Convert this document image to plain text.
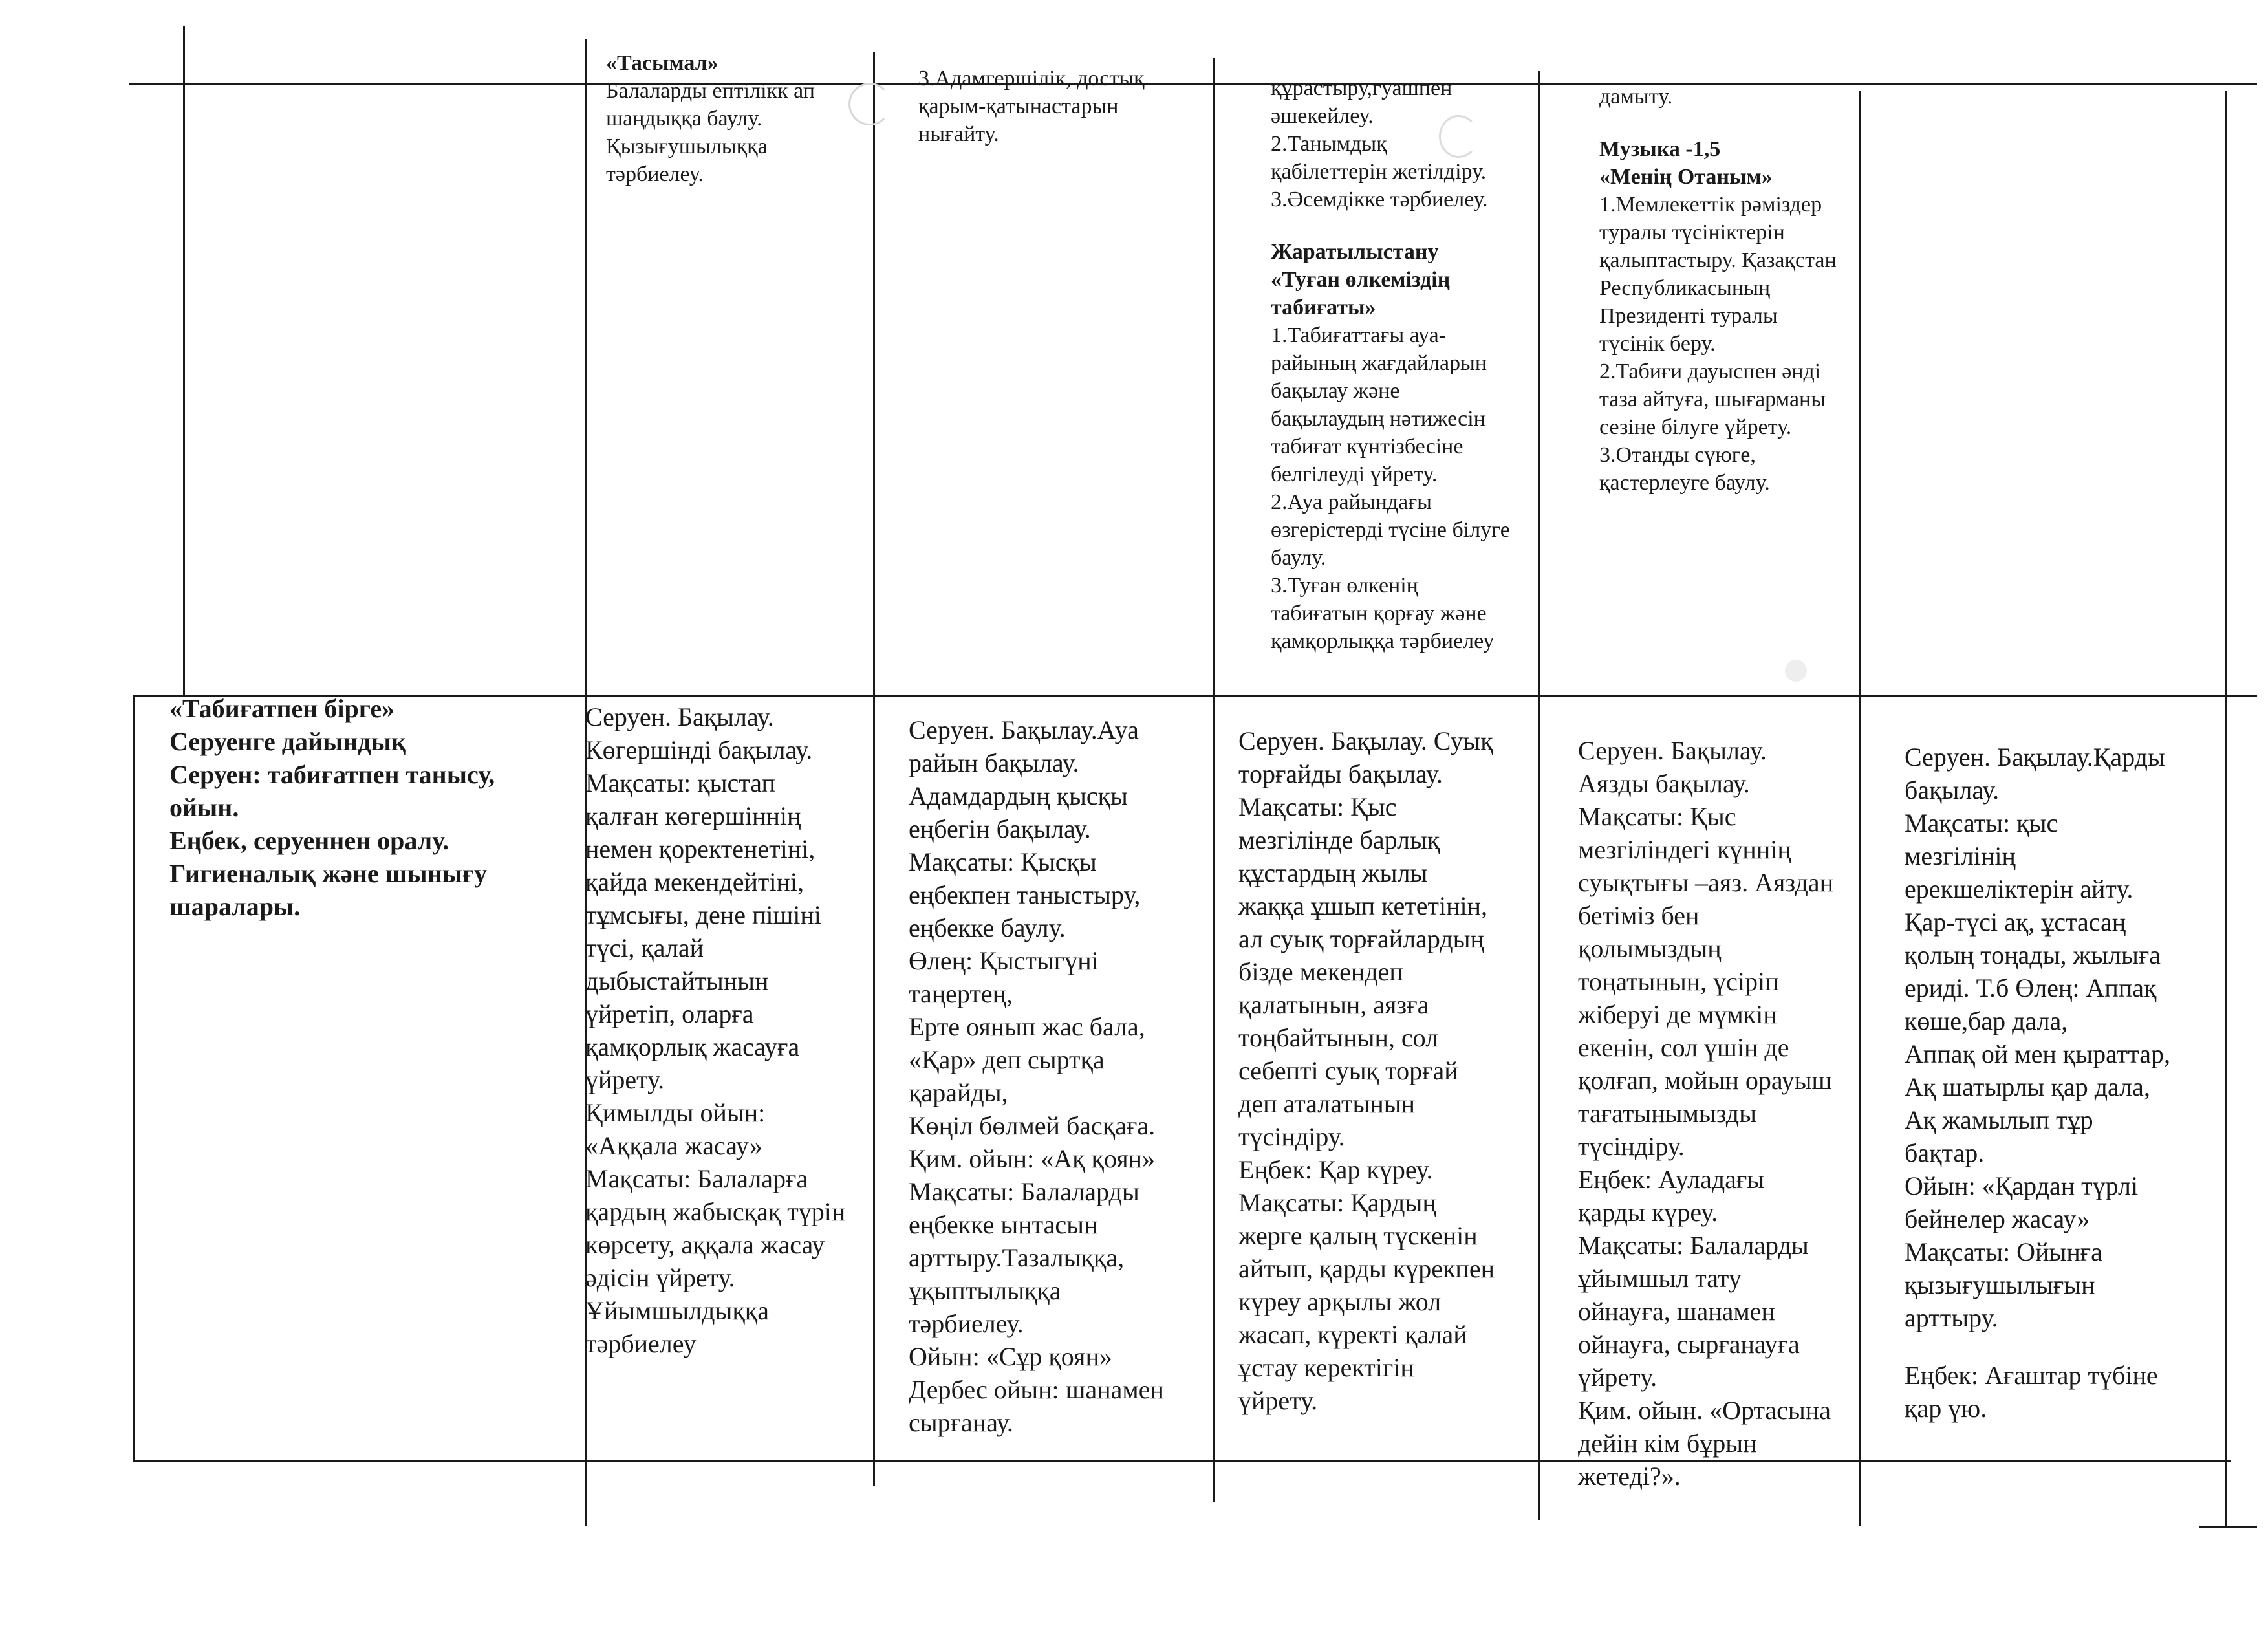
«Тасымал»
Балаларды ептілікк ап
шаңдыққа баулу.
Қызығушылыққа
тәрбиелеу.
3.Адамгершілік, достық
қарым-қатынастарын
нығайту.
құрастыру,гуашпен
әшекейлеу.
2.Танымдық
қабілеттерін жетілдіру.
3.Әсемдікке тәрбиелеу.
Жаратылыстану
«Туған өлкеміздің
табиғаты»
1.Табиғаттағы ауа-
райының жағдайларын
бақылау және
бақылаудың нәтижесін
табиғат күнтізбесіне
белгілеуді үйрету.
2.Ауа райындағы
өзгерістерді түсіне білуге
баулу.
3.Туған өлкенің
табиғатын қорғау және
қамқорлыққа тәрбиелеу
дамыту.
Музыка -1,5
«Менің Отаным»
1.Мемлекеттік рәміздер
туралы түсініктерін
қалыптастыру. Қазақстан
Республикасының
Президенті туралы
түсінік беру.
2.Табиғи дауыспен әнді
таза айтуға, шығарманы
сезіне білуге үйрету.
3.Отанды сүюге,
қастерлеуге баулу.
«Табиғатпен бірге»
Серуенге дайындық
Серуен: табиғатпен танысу,
ойын.
Еңбек, серуеннен оралу.
Гигиеналық және шынығу
шаралары.
Серуен. Бақылау.
Көгершінді бақылау.
Мақсаты: қыстап
қалған көгершіннің
немен қоректенетіні,
қайда мекендейтіні,
тұмсығы, дене пішіні
түсі, қалай
дыбыстайтынын
үйретіп, оларға
қамқорлық жасауға
үйрету.
Қимылды ойын:
«Аққала жасау»
Мақсаты: Балаларға
қардың жабысқақ түрін
көрсету, аққала жасау
әдісін үйрету.
Ұйымшылдыққа
тәрбиелеу
Серуен. Бақылау.Ауа
райын бақылау.
Адамдардың қысқы
еңбегін бақылау.
Мақсаты: Қысқы
еңбекпен таныстыру,
еңбекке баулу.
Өлең: Қыстыгүні
таңертең,
Ерте оянып жас бала,
«Қар» деп сыртқа
қарайды,
Көңіл бөлмей басқаға.
Қим. ойын: «Ақ қоян»
Мақсаты: Балаларды
еңбекке ынтасын
арттыру.Тазалыққа,
ұқыптылыққа
тәрбиелеу.
Ойын: «Сұр қоян»
Дербес ойын: шанамен
сырғанау.
Серуен. Бақылау. Суық
торғайды бақылау.
Мақсаты: Қыс
мезгілінде барлық
құстардың жылы
жаққа ұшып кететінін,
ал суық торғайлардың
бізде мекендеп
қалатынын, аязға
тоңбайтынын, сол
себепті суық торғай
деп аталатынын
түсіндіру.
Еңбек: Қар күреу.
Мақсаты: Қардың
жерге қалың түскенін
айтып, қарды күрекпен
күреу арқылы жол
жасап, күректі қалай
ұстау керектігін
үйрету.
Серуен. Бақылау.
Аязды бақылау.
Мақсаты: Қыс
мезгіліндегі күннің
суықтығы –аяз. Аяздан
бетіміз бен
қолымыздың
тоңатынын, үсіріп
жіберуі де мүмкін
екенін, сол үшін де
қолғап, мойын орауыш
тағатынымызды
түсіндіру.
Еңбек: Ауладағы
қарды күреу.
Мақсаты: Балаларды
ұйымшыл тату
ойнауға, шанамен
ойнауға, сырғанауға
үйрету.
Қим. ойын. «Ортасына
дейін кім бұрын
жетеді?».
Серуен. Бақылау.Қарды
бақылау.
Мақсаты: қыс
мезгілінің
ерекшеліктерін айту.
Қар-түсі ақ, ұстасаң
қолың тоңады, жылыға
ериді. Т.б Өлең: Аппақ
көше,бар дала,
Аппақ ой мен қыраттар,
Ақ шатырлы қар дала,
Ақ жамылып тұр
бақтар.
Ойын: «Қардан түрлі
бейнелер жасау»
Мақсаты: Ойынға
қызығушылығын
арттыру.
Еңбек: Ағаштар түбіне
қар үю.
